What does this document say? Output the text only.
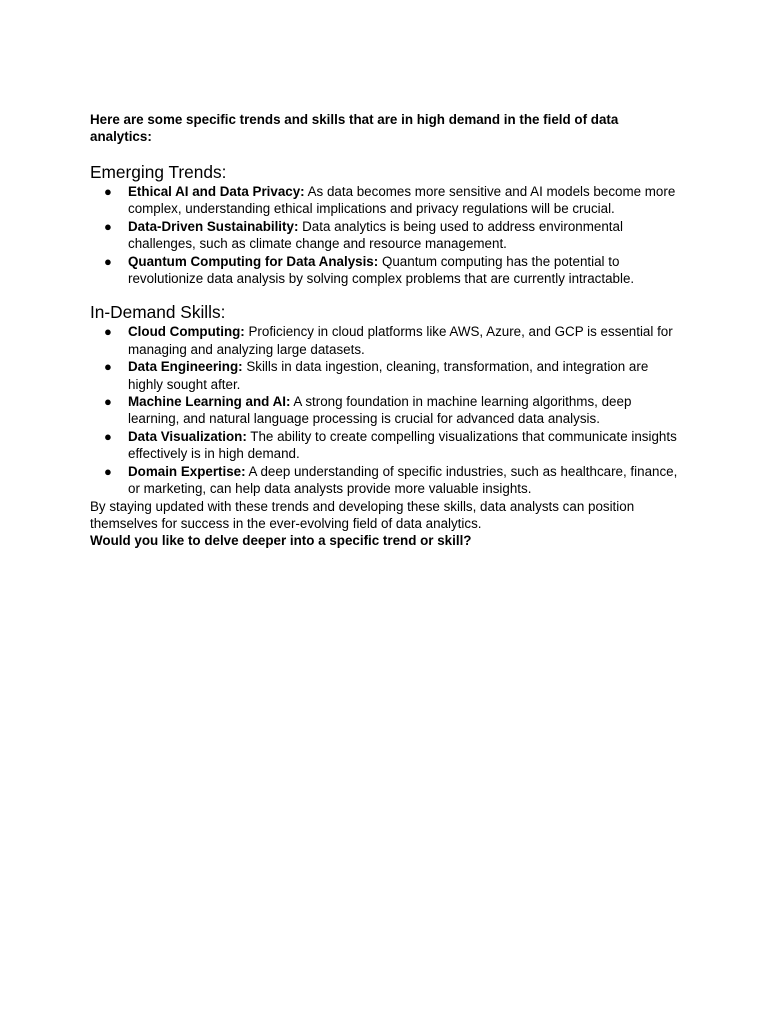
Here are some specific trends and skills that are in high demand in the field of data analytics:

Emerging Trends:
● Ethical AI and Data Privacy: As data becomes more sensitive and AI models become more complex, understanding ethical implications and privacy regulations will be crucial.
● Data-Driven Sustainability: Data analytics is being used to address environmental challenges, such as climate change and resource management.
● Quantum Computing for Data Analysis: Quantum computing has the potential to revolutionize data analysis by solving complex problems that are currently intractable.
In-Demand Skills:
● Cloud Computing: Proficiency in cloud platforms like AWS, Azure, and GCP is essential for managing and analyzing large datasets.
● Data Engineering: Skills in data ingestion, cleaning, transformation, and integration are highly sought after.
● Machine Learning and AI: A strong foundation in machine learning algorithms, deep learning, and natural language processing is crucial for advanced data analysis.
● Data Visualization: The ability to create compelling visualizations that communicate insights effectively is in high demand.
● Domain Expertise: A deep understanding of specific industries, such as healthcare, finance, or marketing, can help data analysts provide more valuable insights.

By staying updated with these trends and developing these skills, data analysts can position themselves for success in the ever-evolving field of data analytics.

Would you like to delve deeper into a specific trend or skill?
